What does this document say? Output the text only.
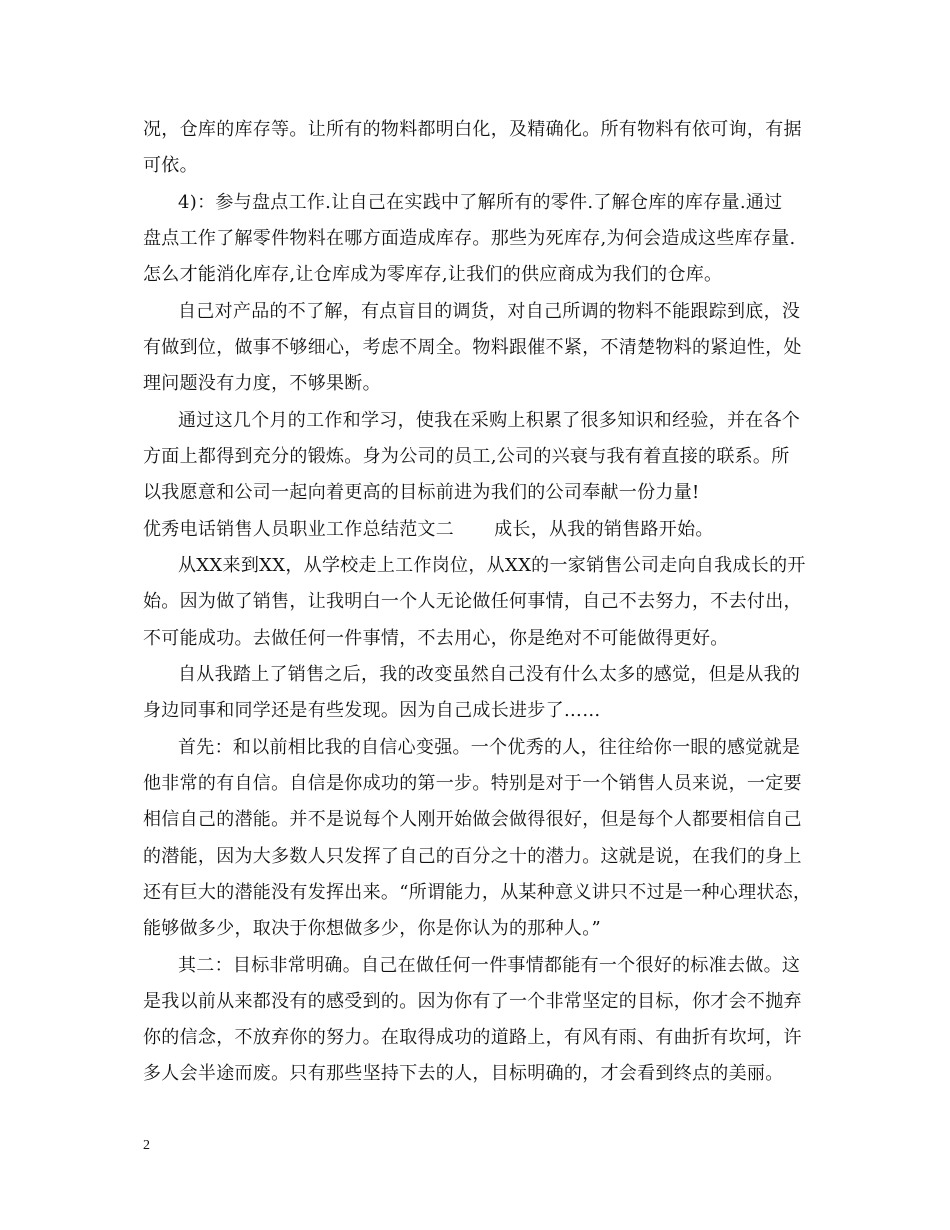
况，仓库的库存等。让所有的物料都明白化，及精确化。所有物料有依可询，有据
可依。
4)：参与盘点工作.让自己在实践中了解所有的零件.了解仓库的库存量.通过
盘点工作了解零件物料在哪方面造成库存。那些为死库存,为何会造成这些库存量.
怎么才能消化库存,让仓库成为零库存,让我们的供应商成为我们的仓库。
自己对产品的不了解，有点盲目的调货，对自己所调的物料不能跟踪到底，没
有做到位，做事不够细心，考虑不周全。物料跟催不紧，不清楚物料的紧迫性，处
理问题没有力度，不够果断。
通过这几个月的工作和学习，使我在采购上积累了很多知识和经验，并在各个
方面上都得到充分的锻炼。身为公司的员工,公司的兴衰与我有着直接的联系。所
以我愿意和公司一起向着更高的目标前进为我们的公司奉献一份力量!
优秀电话销售人员职业工作总结范文二 成长，从我的销售路开始。
从XX来到XX，从学校走上工作岗位，从XX的一家销售公司走向自我成长的开
始。因为做了销售，让我明白一个人无论做任何事情，自己不去努力，不去付出，
不可能成功。去做任何一件事情，不去用心，你是绝对不可能做得更好。
自从我踏上了销售之后，我的改变虽然自己没有什么太多的感觉，但是从我的
身边同事和同学还是有些发现。因为自己成长进步了……
首先：和以前相比我的自信心变强。一个优秀的人，往往给你一眼的感觉就是
他非常的有自信。自信是你成功的第一步。特别是对于一个销售人员来说，一定要
相信自己的潜能。并不是说每个人刚开始做会做得很好，但是每个人都要相信自己
的潜能，因为大多数人只发挥了自己的百分之十的潜力。这就是说，在我们的身上
还有巨大的潜能没有发挥出来。“所谓能力，从某种意义讲只不过是一种心理状态，
能够做多少，取决于你想做多少，你是你认为的那种人。”
其二：目标非常明确。自己在做任何一件事情都能有一个很好的标准去做。这
是我以前从来都没有的感受到的。因为你有了一个非常坚定的目标，你才会不抛弃
你的信念，不放弃你的努力。在取得成功的道路上，有风有雨、有曲折有坎坷，许
多人会半途而废。只有那些坚持下去的人，目标明确的，才会看到终点的美丽。
2
